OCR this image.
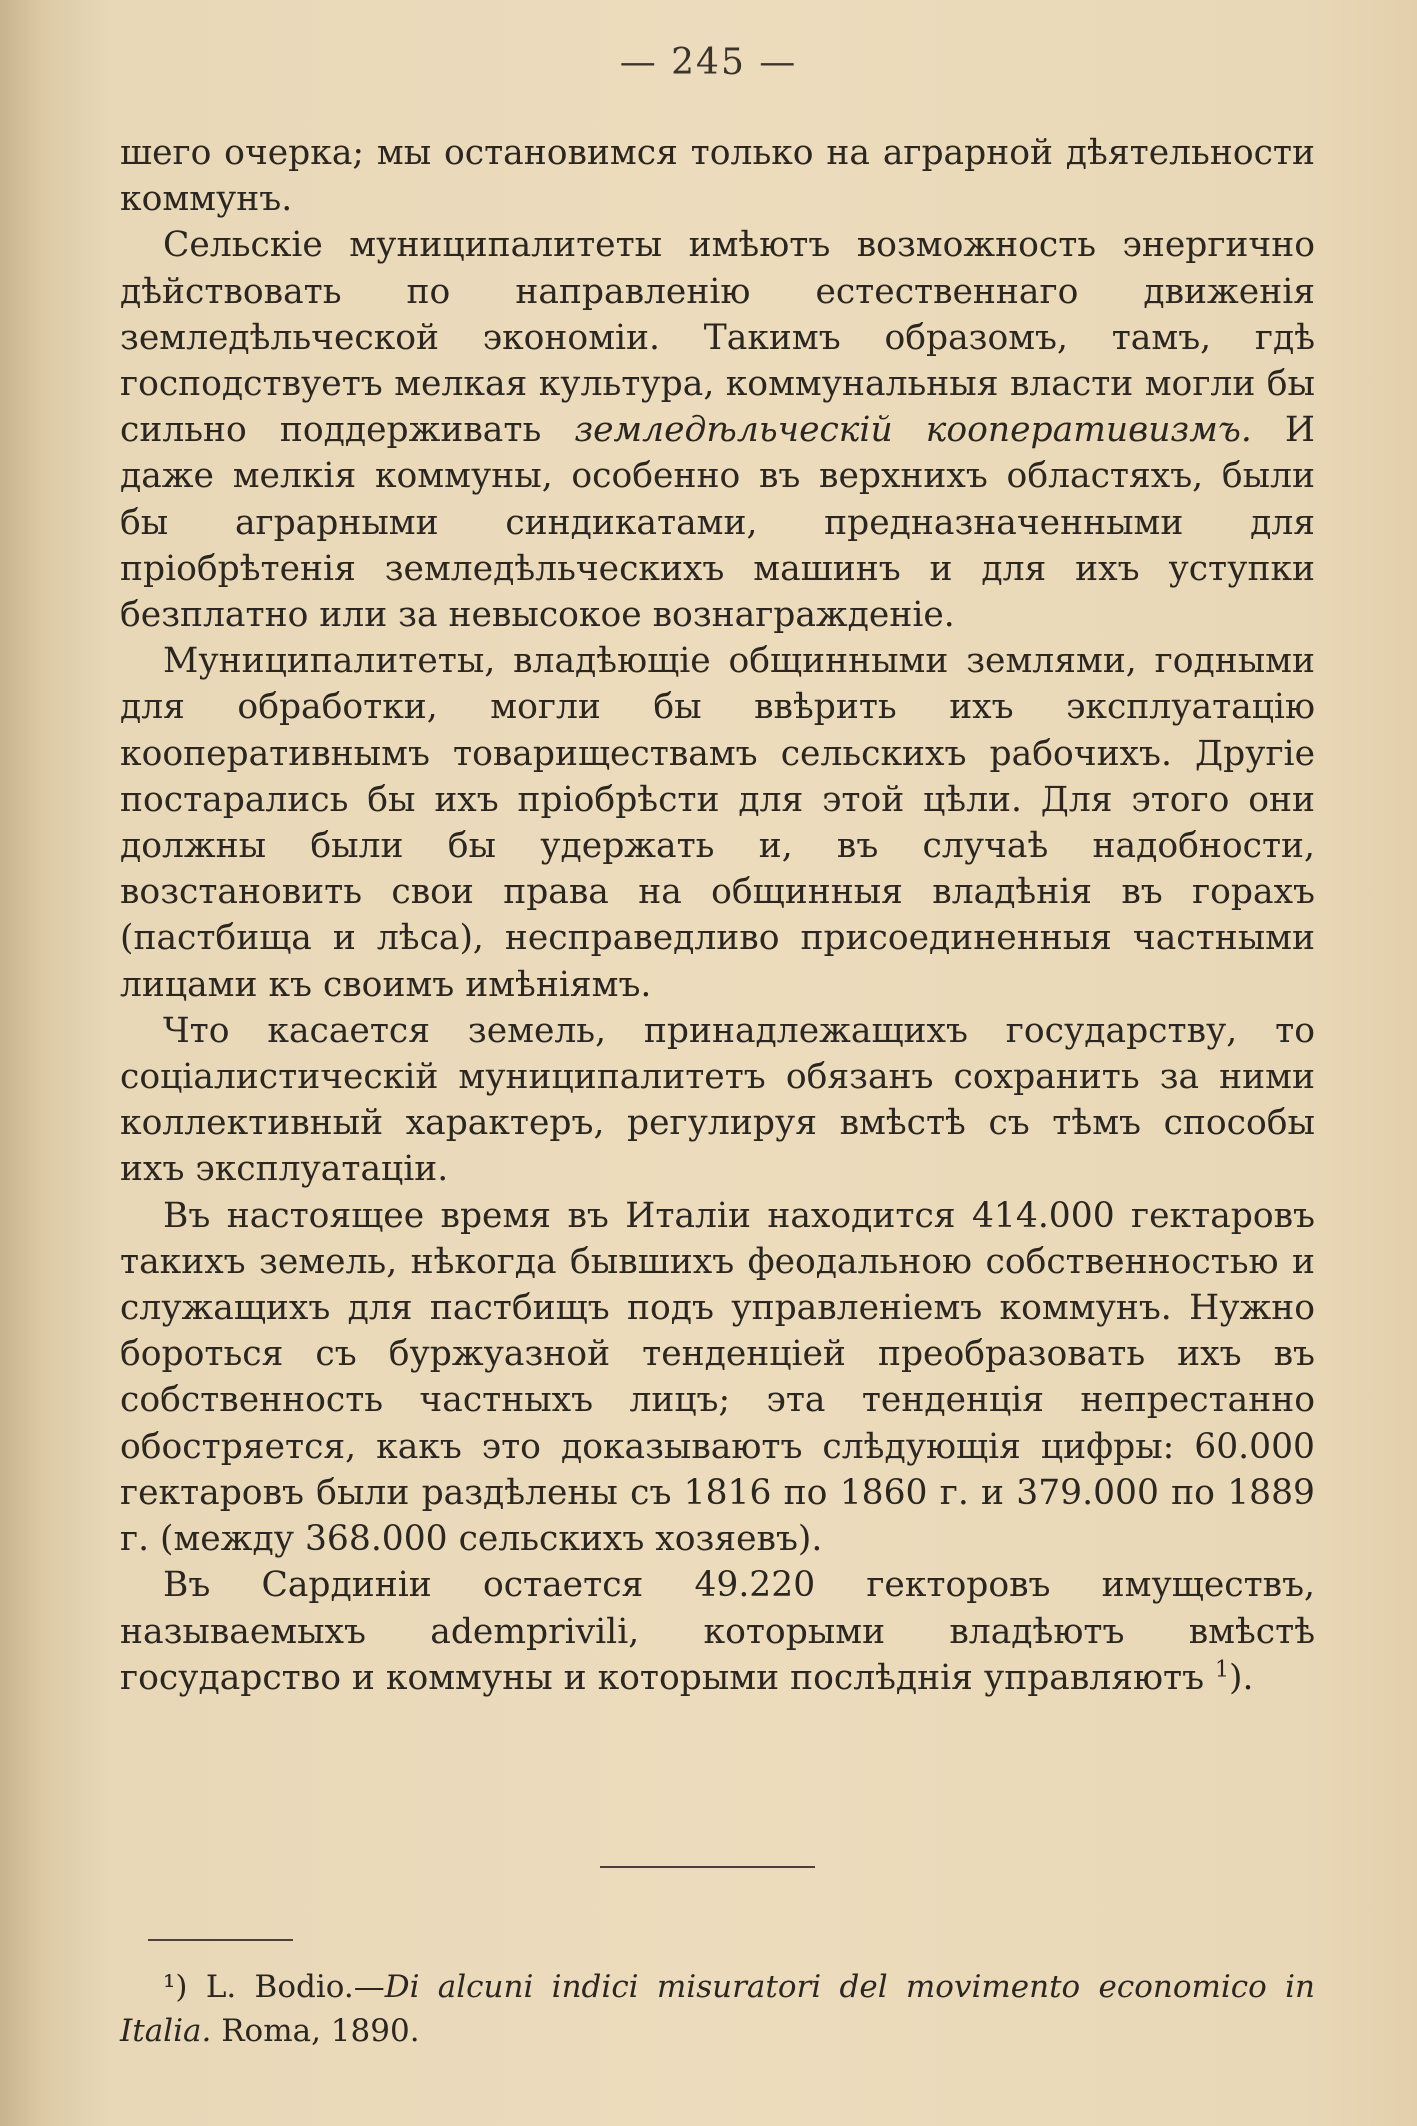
— 245 —

шего очерка; мы остановимся только на аграрной дѣятельности коммунъ.

Сельскіе муниципалитеты имѣютъ возможность энергично дѣйствовать по направленію естественнаго движенія земледѣльческой экономіи. Такимъ образомъ, тамъ, гдѣ господствуетъ мелкая культура, коммунальныя власти могли бы сильно поддерживать земледѣльческій кооперативизмъ. И даже мелкія коммуны, особенно въ верхнихъ областяхъ, были бы аграрными синдикатами, предназначенными для пріобрѣтенія земледѣльческихъ машинъ и для ихъ уступки безплатно или за невысокое вознагражденіе.

Муниципалитеты, владѣющіе общинными землями, годными для обработки, могли бы ввѣрить ихъ эксплуатацію кооперативнымъ товариществамъ сельскихъ рабочихъ. Другіе постарались бы ихъ пріобрѣсти для этой цѣли. Для этого они должны были бы удержать и, въ случаѣ надобности, возстановить свои права на общинныя владѣнія въ горахъ (пастбища и лѣса), несправедливо присоединенныя частными лицами къ своимъ имѣніямъ.

Что касается земель, принадлежащихъ государству, то соціалистическій муниципалитетъ обязанъ сохранить за ними коллективный характеръ, регулируя вмѣстѣ съ тѣмъ способы ихъ эксплуатаціи.

Въ настоящее время въ Италіи находится 414.000 гектаровъ такихъ земель, нѣкогда бывшихъ феодальною собственностью и служащихъ для пастбищъ подъ управленіемъ коммунъ. Нужно бороться съ буржуазной тенденціей преобразовать ихъ въ собственность частныхъ лицъ; эта тенденція непрестанно обостряется, какъ это доказываютъ слѣдующія цифры: 60.000 гектаровъ были раздѣлены съ 1816 по 1860 г. и 379.000 по 1889 г. (между 368.000 сельскихъ хозяевъ).

Въ Сардиніи остается 49.220 гекторовъ имуществъ, называемыхъ ademprivili, которыми владѣютъ вмѣстѣ государство и коммуны и которыми послѣднія управляютъ $^1$).

¹) L. Bodio.—Di alcuni indici misuratori del movimento economico in Italia. Roma, 1890.
